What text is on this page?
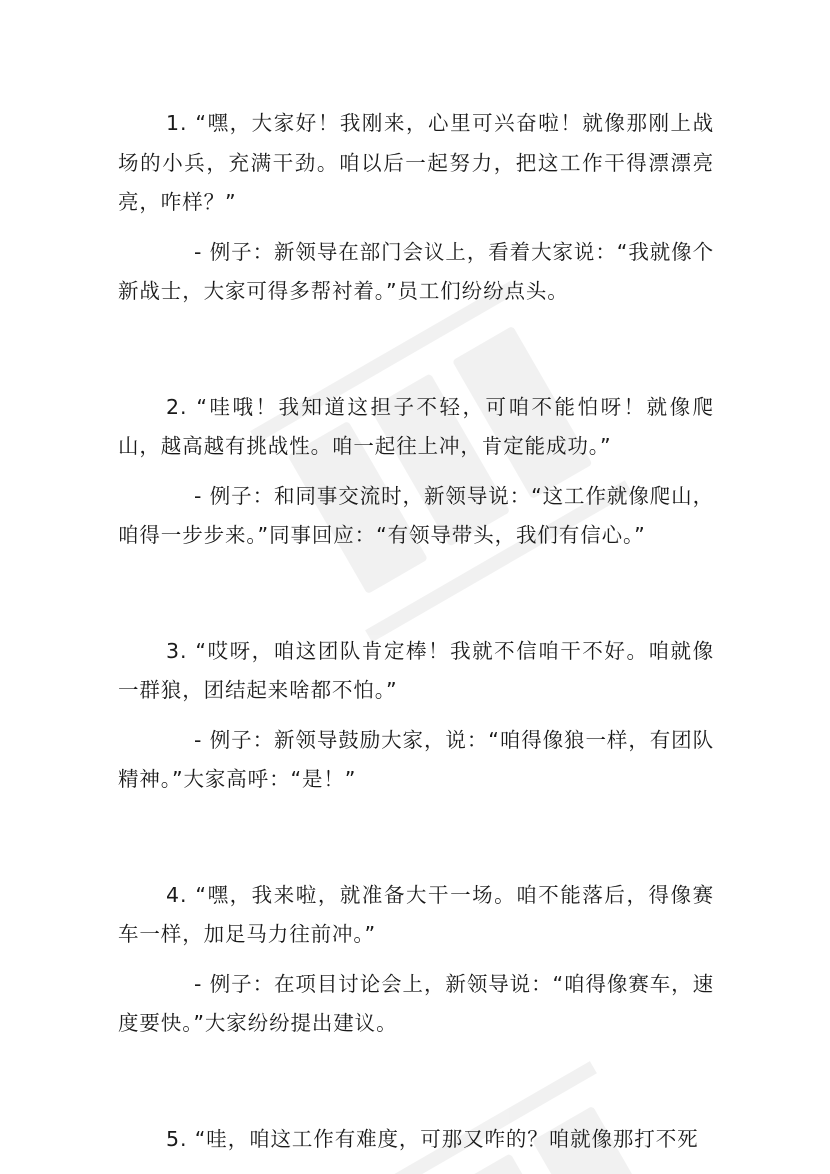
1. “嘿，大家好！我刚来，心里可兴奋啦！就像那刚上战场的小兵，充满干劲。咱以后一起努力，把这工作干得漂漂亮亮，咋样？”

- 例子：新领导在部门会议上，看着大家说：“我就像个新战士，大家可得多帮衬着。”员工们纷纷点头。

2. “哇哦！我知道这担子不轻，可咱不能怕呀！就像爬山，越高越有挑战性。咱一起往上冲，肯定能成功。”

- 例子：和同事交流时，新领导说：“这工作就像爬山，咱得一步步来。”同事回应：“有领导带头，我们有信心。”

3. “哎呀，咱这团队肯定棒！我就不信咱干不好。咱就像一群狼，团结起来啥都不怕。”

- 例子：新领导鼓励大家，说：“咱得像狼一样，有团队精神。”大家高呼：“是！”

4. “嘿，我来啦，就准备大干一场。咱不能落后，得像赛车一样，加足马力往前冲。”

- 例子：在项目讨论会上，新领导说：“咱得像赛车，速度要快。”大家纷纷提出建议。

5. “哇，咱这工作有难度，可那又咋的？咱就像那打不死
